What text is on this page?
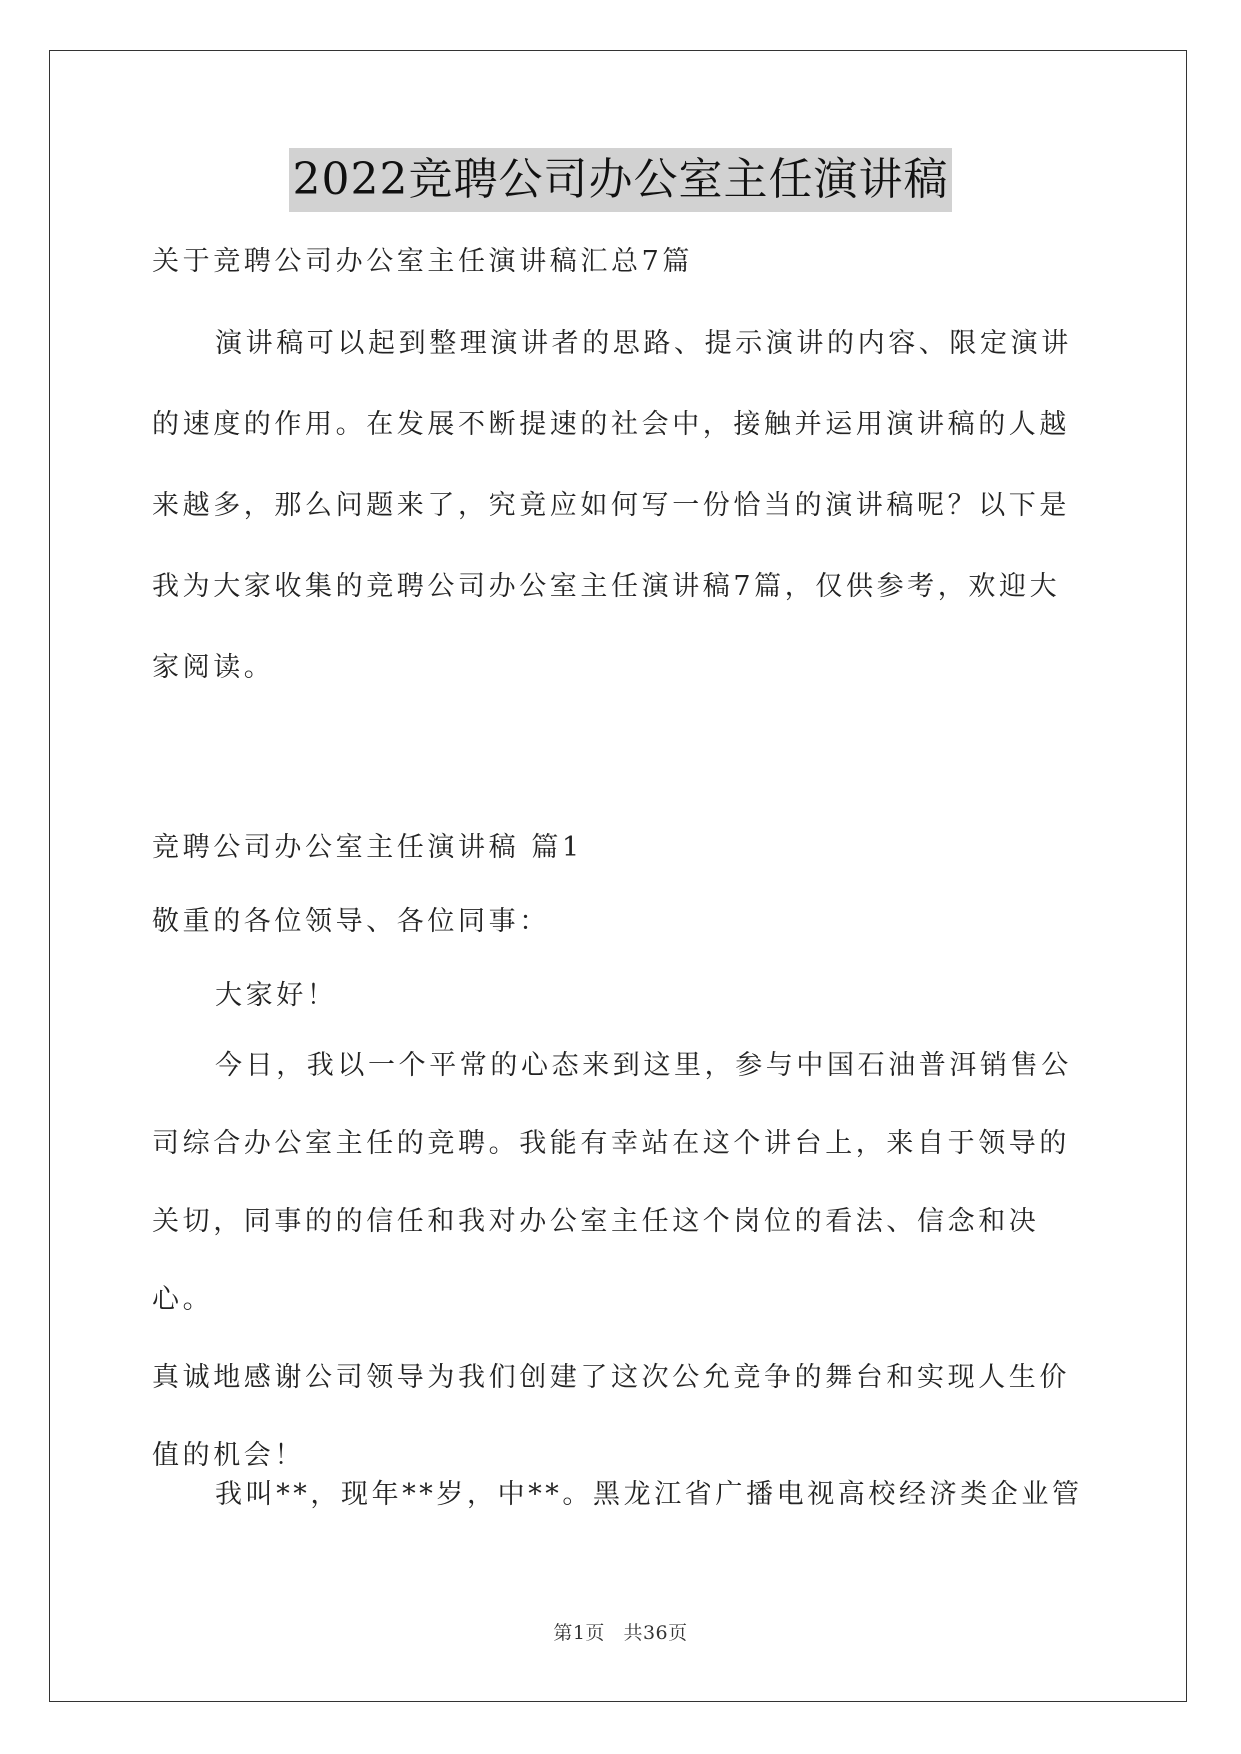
2022竞聘公司办公室主任演讲稿
关于竞聘公司办公室主任演讲稿汇总7篇
演讲稿可以起到整理演讲者的思路、提示演讲的内容、限定演讲
的速度的作用。在发展不断提速的社会中，接触并运用演讲稿的人越
来越多，那么问题来了，究竟应如何写一份恰当的演讲稿呢？以下是
我为大家收集的竞聘公司办公室主任演讲稿7篇，仅供参考，欢迎大
家阅读。
竞聘公司办公室主任演讲稿 篇1
敬重的各位领导、各位同事：
大家好！
今日，我以一个平常的心态来到这里，参与中国石油普洱销售公
司综合办公室主任的竞聘。我能有幸站在这个讲台上，来自于领导的
关切，同事的的信任和我对办公室主任这个岗位的看法、信念和决心。
真诚地感谢公司领导为我们创建了这次公允竞争的舞台和实现人生价
值的机会！
我叫**，现年**岁，中**。黑龙江省广播电视高校经济类企业管
第1页 共36页
